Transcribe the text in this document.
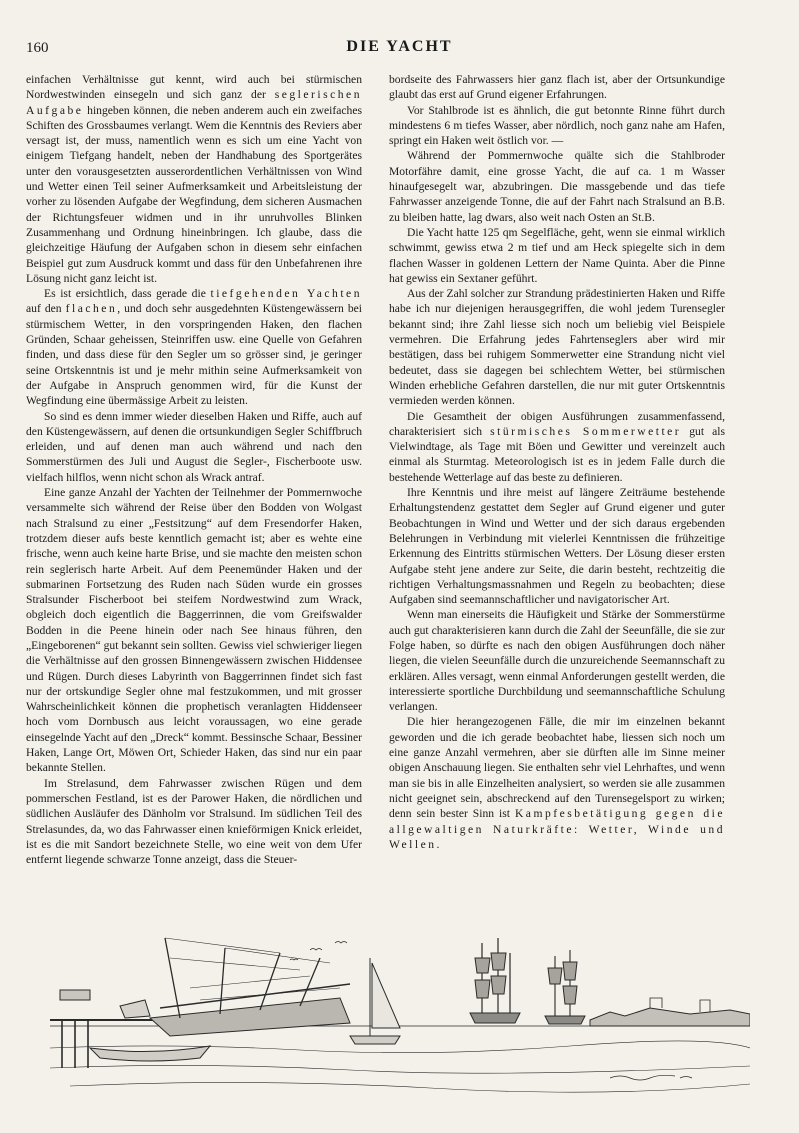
160	DIE YACHT

einfachen Verhältnisse gut kennt, wird auch bei stürmischen Nordwestwinden einsegeln und sich ganz der seglerischen Aufgabe hingeben können, die neben anderem auch ein zweifaches Schiften des Grossbaumes verlangt. Wem die Kenntnis des Reviers aber versagt ist, der muss, namentlich wenn es sich um eine Yacht von einigem Tiefgang handelt, neben der Handhabung des Sportgerätes unter den vorausgesetzten ausserordentlichen Verhältnissen von Wind und Wetter einen Teil seiner Aufmerksamkeit und Arbeitsleistung der vorher zu lösenden Aufgabe der Wegfindung, dem sicheren Ausmachen der Richtungsfeuer widmen und in ihr unruhvolles Blinken Zusammenhang und Ordnung hineinbringen. Ich glaube, dass die gleichzeitige Häufung der Aufgaben schon in diesem sehr einfachen Beispiel gut zum Ausdruck kommt und dass für den Unbefahrenen ihre Lösung nicht ganz leicht ist.

Es ist ersichtlich, dass gerade die tiefgehenden Yachten auf den flachen, und doch sehr ausgedehnten Küstengewässern bei stürmischem Wetter, in den vorspringenden Haken, den flachen Gründen, Schaar geheissen, Steinriffen usw. eine Quelle von Gefahren finden, und dass diese für den Segler um so grösser sind, je geringer seine Ortskenntnis ist und je mehr mithin seine Aufmerksamkeit von der Aufgabe in Anspruch genommen wird, für die Kunst der Wegfindung eine übermässige Arbeit zu leisten.

So sind es denn immer wieder dieselben Haken und Riffe, auch auf den Küstengewässern, auf denen die ortsunkundigen Segler Schiffbruch erleiden, und auf denen man auch während und nach den Sommerstürmen des Juli und August die Segler-, Fischerboote usw. vielfach hilflos, wenn nicht schon als Wrack antraf.

Eine ganze Anzahl der Yachten der Teilnehmer der Pommernwoche versammelte sich während der Reise über den Bodden von Wolgast nach Stralsund zu einer „Festsitzung“ auf dem Fresendorfer Haken, trotzdem dieser aufs beste kenntlich gemacht ist; aber es wehte eine frische, wenn auch keine harte Brise, und sie machte den meisten schon rein seglerisch harte Arbeit. Auf dem Peenemünder Haken und der submarinen Fortsetzung des Ruden nach Süden wurde ein grosses Stralsunder Fischerboot bei steifem Nordwestwind zum Wrack, obgleich doch eigentlich die Baggerrinnen, die vom Greifswalder Bodden in die Peene hinein oder nach See hinaus führen, den „Eingeborenen“ gut bekannt sein sollten. Gewiss viel schwieriger liegen die Verhältnisse auf den grossen Binnengewässern zwischen Hiddensee und Rügen. Durch dieses Labyrinth von Baggerrinnen findet sich fast nur der ortskundige Segler ohne mal festzukommen, und mit grosser Wahrscheinlichkeit können die prophetisch veranlagten Hiddenseer hoch vom Dornbusch aus leicht voraussagen, wo eine gerade einsegelnde Yacht auf den „Dreck“ kommt. Bessinsche Schaar, Bessiner Haken, Lange Ort, Möwen Ort, Schieder Haken, das sind nur ein paar bekannte Stellen.

Im Strelasund, dem Fahrwasser zwischen Rügen und dem pommerschen Festland, ist es der Parower Haken, die nördlichen und südlichen Ausläufer des Dänholm vor Stralsund. Im südlichen Teil des Strelasundes, da, wo das Fahrwasser einen knieförmigen Knick erleidet, ist es die mit Sandort bezeichnete Stelle, wo eine weit von dem Ufer entfernt liegende schwarze Tonne anzeigt, dass die Steuer-

bordseite des Fahrwassers hier ganz flach ist, aber der Ortsunkundige glaubt das erst auf Grund eigener Erfahrungen.

Vor Stahlbrode ist es ähnlich, die gut betonnte Rinne führt durch mindestens 6 m tiefes Wasser, aber nördlich, noch ganz nahe am Hafen, springt ein Haken weit östlich vor. —

Während der Pommernwoche quälte sich die Stahlbroder Motorfähre damit, eine grosse Yacht, die auf ca. 1 m Wasser hinaufgesegelt war, abzubringen. Die massgebende und das tiefe Fahrwasser anzeigende Tonne, die auf der Fahrt nach Stralsund an B.B. zu bleiben hatte, lag dwars, also weit nach Osten an St.B.

Die Yacht hatte 125 qm Segelfläche, geht, wenn sie einmal wirklich schwimmt, gewiss etwa 2 m tief und am Heck spiegelte sich in dem flachen Wasser in goldenen Lettern der Name Quinta. Aber die Pinne hat gewiss ein Sextaner geführt.

Aus der Zahl solcher zur Strandung prädestinierten Haken und Riffe habe ich nur diejenigen herausgegriffen, die wohl jedem Turensegler bekannt sind; ihre Zahl liesse sich noch um beliebig viel Beispiele vermehren. Die Erfahrung jedes Fahrtenseglers aber wird mir bestätigen, dass bei ruhigem Sommerwetter eine Strandung nicht viel bedeutet, dass sie dagegen bei schlechtem Wetter, bei stürmischen Winden erhebliche Gefahren darstellen, die nur mit guter Ortskenntnis vermieden werden können.

Die Gesamtheit der obigen Ausführungen zusammenfassend, charakterisiert sich stürmisches Sommerwetter gut als Vielwindtage, als Tage mit Böen und Gewitter und vereinzelt auch einmal als Sturmtag. Meteorologisch ist es in jedem Falle durch die bestehende Wetterlage auf das beste zu definieren.

Ihre Kenntnis und ihre meist auf längere Zeiträume bestehende Erhaltungstendenz gestattet dem Segler auf Grund eigener und guter Beobachtungen in Wind und Wetter und der sich daraus ergebenden Belehrungen in Verbindung mit vielerlei Kenntnissen die frühzeitige Erkennung des Eintritts stürmischen Wetters. Der Lösung dieser ersten Aufgabe steht jene andere zur Seite, die darin besteht, rechtzeitig die richtigen Verhaltungsmassnahmen und Regeln zu beobachten; diese Aufgaben sind seemannschaftlicher und navigatorischer Art.

Wenn man einerseits die Häufigkeit und Stärke der Sommerstürme auch gut charakterisieren kann durch die Zahl der Seeunfälle, die sie zur Folge haben, so dürfte es nach den obigen Ausführungen doch näher liegen, die vielen Seeunfälle durch die unzureichende Seemannschaft zu erklären. Alles versagt, wenn einmal Anforderungen gestellt werden, die interessierte sportliche Durchbildung und seemannschaftliche Schulung verlangen.

Die hier herangezogenen Fälle, die mir im einzelnen bekannt geworden und die ich gerade beobachtet habe, liessen sich noch um eine ganze Anzahl vermehren, aber sie dürften alle im Sinne meiner obigen Anschauung liegen. Sie enthalten sehr viel Lehrhaftes, und wenn man sie bis in alle Einzelheiten analysiert, so werden sie alle zusammen nicht geeignet sein, abschreckend auf den Turensegelsport zu wirken; denn sein bester Sinn ist Kampfesbetätigung gegen die allgewaltigen Naturkräfte: Wetter, Winde und Wellen.
